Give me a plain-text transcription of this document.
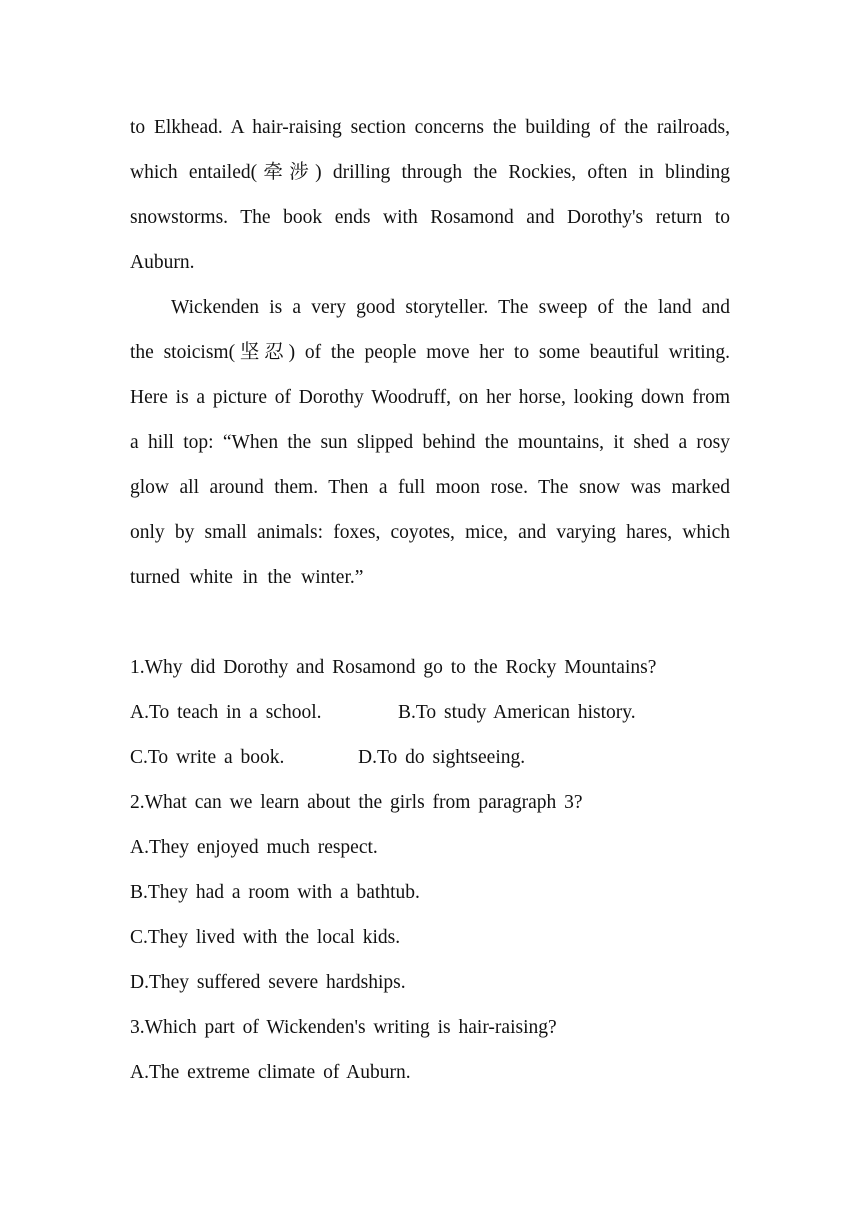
to Elkhead. A hair-raising section concerns the building of the railroads,
which entailed(牵涉) drilling through the Rockies, often in blinding
snowstorms. The book ends with Rosamond and Dorothy's return to
Auburn.
Wickenden is a very good storyteller. The sweep of the land and
the stoicism(坚忍) of the people move her to some beautiful writing.
Here is a picture of Dorothy Woodruff, on her horse, looking down from
a hill top: “When the sun slipped behind the mountains, it shed a rosy
glow all around them. Then a full moon rose. The snow was marked
only by small animals: foxes, coyotes, mice, and varying hares, which
turned  white  in  the  winter.”
1.Why did Dorothy and Rosamond go to the Rocky Mountains?
A.To teach in a school.	B.To study American history.
C.To write a book.	D.To do sightseeing.
2.What can we learn about the girls from paragraph 3?
A.They enjoyed much respect.
B.They had a room with a bathtub.
C.They lived with the local kids.
D.They suffered severe hardships.
3.Which part of Wickenden's writing is hair-raising?
A.The extreme climate of Auburn.
